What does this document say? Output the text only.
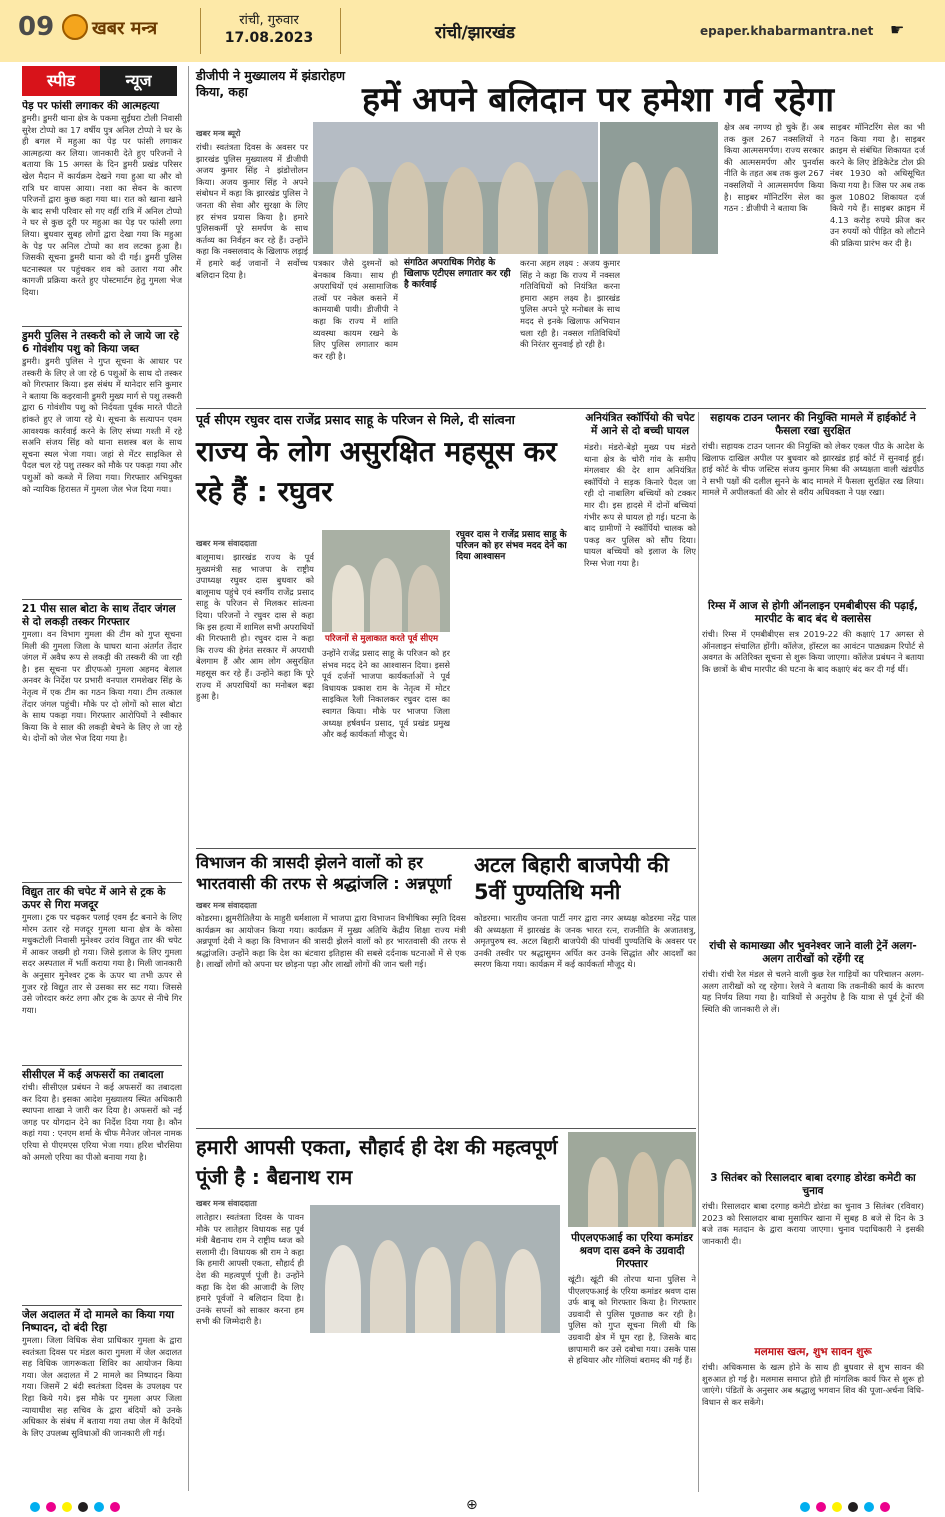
09 खबर मन्त्र	रांची, गुरुवार
17.08.2023	रांची/झारखंड	epaper.khabarmantra.net ☛
स्पीड	न्यूज
पेड़ पर फांसी लगाकर की आत्महत्या
डुमरी। डुमरी थाना क्षेत्र के पकमा सुईंघरा टोली निवासी सुरेश टोप्पो का 17 वर्षीय पुत्र अनिल टोप्पो ने घर के ही बगल में महुआ का पेड़ पर फांसी लगाकर आत्महत्या कर लिया। जानकारी देते हुए परिजनों ने बताया कि 15 अगस्त के दिन डुमरी प्रखंड परिसर खेल मैदान में कार्यक्रम देखने गया हुआ था और वो रात्रि घर वापस आया। नशा का सेवन के कारण परिजनों द्वारा कुछ कहा गया था। रात को खाना खाने के बाद सभी परिवार सो गए वहीं रात्रि में अनिल टोप्पो ने घर से कुछ दूरी पर महुआ का पेड़ पर फांसी लगा लिया। बुधवार सुबह लोगों द्वारा देखा गया कि महुआ के पेड़ पर अनिल टोप्पो का शव लटका हुआ है। जिसकी सूचना डुमरी थाना को दी गई। डुमरी पुलिस घटनास्थल पर पहुंचकर शव को उतारा गया और कागजी प्रक्रिया करते हुए पोस्टमार्टम हेतु गुमला भेज दिया।
डुमरी पुलिस ने तस्करी को ले जाये जा रहे 6 गोवंशीय पशु को किया जब्त
डुमरी। डुमरी पुलिस ने गुप्त सूचना के आधार पर तस्करी के लिए ले जा रहे 6 पशुओं के साथ दो तस्कर को गिरफ्तार किया। इस संबंध में थानेदार सनि कुमार ने बताया कि कइरवानी डुमरी मुख्य मार्ग से पशु तस्करी द्वारा 6 गोवंशीय पशु को निर्दयता पूर्वक मारते पीटते हांकते हुए ले जाया रहे थे। सूचना के सत्यापन एवम आवश्यक कार्रवाई करने के लिए संध्या गश्ती में रहे सअनि संजय सिंह को थाना सशस्त्र बल के साथ सूचना स्थल भेजा गया। जहां से मेंटर साइकिल से पैदल चल रहे पशु तस्कर को मौके पर पकड़ा गया और पशुओं को कब्जे में लिया गया। गिरफ्तार अभियुक्त को न्यायिक हिरासत में गुमला जेल भेज दिया गया।
21 पीस साल बोटा के साथ तेंदार जंगल से दो लकड़ी तस्कर गिरफ्तार
गुमला। वन विभाग गुमला की टीम को गुप्त सूचना मिली की गुमला जिला के घाघरा थाना अंतर्गत तेंदार जंगल में अवैध रूप से लकड़ी की तस्करी की जा रही है। इस सूचना पर डीएफओ गुमला अहमद बेलाल अनवर के निर्देश पर प्रभारी वनपाल रामशेखर सिंह के नेतृत्व में एक टीम का गठन किया गया। टीम तत्काल तेंदार जंगल पहुंची। मौके पर दो लोगों को साल बोटा के साथ पकड़ा गया। गिरफ्तार आरोपियों ने स्वीकार किया कि वे साल की लकड़ी बेचने के लिए ले जा रहे थे। दोनों को जेल भेज दिया गया है।
विद्युत तार की चपेट में आने से ट्रक के ऊपर से गिरा मजदूर
गुमला। ट्रक पर चढ़कर पलाई एवम ईंट बनाने के लिए मोरम उतार रहे मजदूर गुमला थाना क्षेत्र के कोसा मधुकटोली निवासी मुनेश्वर उरांव विद्युत तार की चपेट में आकर जख्मी हो गया। जिसे इलाज के लिए गुमला सदर अस्पताल में भर्ती कराया गया है। मिली जानकारी के अनुसार मुनेश्वर ट्रक के ऊपर था तभी ऊपर से गुजर रहे विद्युत तार से उसका सर सट गया। जिससे उसे जोरदार करंट लगा और ट्रक के ऊपर से नीचे गिर गया।
सीसीएल में कई अफसरों का तबादला
रांची। सीसीएल प्रबंधन ने कई अफसरों का तबादला कर दिया है। इसका आदेश मुख्यालय स्थित अधिकारी स्थापना शाखा ने जारी कर दिया है। अफसरों को नई जगह पर योगदान देने का निर्देश दिया गया है। कौन कहां गया : एनएम शर्मा के चीफ मैनेजर जोनल नामक एरिया से पीएमएस एरिया भेजा गया। हरिश चौरसिया को अमलो एरिया का पीओ बनाया गया है।
जेल अदालत में दो मामले का किया गया निष्पादन, दो बंदी रिहा
गुमला। जिला विधिक सेवा प्राधिकार गुमला के द्वारा स्वतंत्रता दिवस पर मंडल कारा गुमला में जेल अदालत सह विधिक जागरूकता शिविर का आयोजन किया गया। जेल अदालत में 2 मामले का निष्पादन किया गया। जिसमें 2 बंदी स्वतंत्रता दिवस के उपलक्ष्य पर रिहा किये गये। इस मौके पर गुमला अपर जिला न्यायाधीश सह सचिव के द्वारा बंदियों को उनके अधिकार के संबंध में बताया गया तथा जेल में कैदियों के लिए उपलब्ध सुविधाओं की जानकारी ली गई।
डीजीपी ने मुख्यालय में झंडारोहण किया, कहा	हमें अपने बलिदान पर हमेशा गर्व रहेगा
खबर मन्त्र ब्यूरो
रांची। स्वतंत्रता दिवस के अवसर पर झारखंड पुलिस मुख्यालय में डीजीपी अजय कुमार सिंह ने झंडोत्तोलन किया। अजय कुमार सिंह ने अपने संबोधन में कहा कि झारखंड पुलिस ने जनता की सेवा और सुरक्षा के लिए हर संभव प्रयास किया है। हमारे पुलिसकर्मी पूरे समर्पण के साथ कर्तव्य का निर्वहन कर रहे हैं। उन्होंने कहा कि नक्सलवाद के खिलाफ लड़ाई में हमारे कई जवानों ने सर्वोच्च बलिदान दिया है।
पत्रकार जैसे दुश्मनों को बेनकाब किया। साथ ही अपराधियों एवं असामाजिक तत्वों पर नकेल कसने में कामयाबी पायी। डीजीपी ने कहा कि राज्य में शांति व्यवस्था कायम रखने के लिए पुलिस लगातार काम कर रही है।
संगठित अपराधिक गिरोह के खिलाफ एटीएस लगातार कर रही है कार्रवाई
करना अहम लक्ष्य : अजय कुमार सिंह ने कहा कि राज्य में नक्सल गतिविधियों को नियंत्रित करना हमारा अहम लक्ष्य है। झारखंड पुलिस अपने पूरे मनोबल के साथ मदद से इनके खिलाफ अभियान चला रही है। नक्सल गतिविधियों की निरंतर सुनवाई हो रही है।
क्षेत्र अब नगण्य हो चुके हैं। अब तक कुल 267 नक्सलियों ने किया आत्मसमर्पण। राज्य सरकार की आत्मसमर्पण और पुनर्वास नीति के तहत अब तक कुल 267 नक्सलियों ने आत्मसमर्पण किया है। साइबर मॉनिटरिंग सेल का गठन : डीजीपी ने बताया कि
साइबर मॉनिटरिंग सेल का भी गठन किया गया है। साइबर क्राइम से संबंधित शिकायत दर्ज करने के लिए डेडिकेटेड टोल फ्री नंबर 1930 को अधिसूचित किया गया है। जिस पर अब तक कुल 10802 शिकायत दर्ज किये गये हैं। साइबर क्राइम में 4.13 करोड़ रुपये फ्रीज कर उन रुपयों को पीड़ित को लौटाने की प्रक्रिया प्रारंभ कर दी है।
पूर्व सीएम रघुवर दास राजेंद्र प्रसाद साहू के परिजन से मिले, दी सांत्वना
राज्य के लोग असुरक्षित महसूस कर रहे हैं : रघुवर
खबर मन्त्र संवाददाता
बालूमाथ। झारखंड राज्य के पूर्व मुख्यमंत्री सह भाजपा के राष्ट्रीय उपाध्यक्ष रघुवर दास बुधवार को बालूमाथ पहुंचे एवं स्वर्गीय राजेंद्र प्रसाद साहू के परिजन से मिलकर सांत्वना दिया। परिजनों ने रघुवर दास से कहा कि इस हत्या में शामिल सभी अपराधियों की गिरफ्तारी हो। रघुवर दास ने कहा कि राज्य की हेमंत सरकार में अपराधी बेलगाम हैं और आम लोग असुरक्षित महसूस कर रहे हैं। उन्होंने कहा कि पूरे राज्य में अपराधियों का मनोबल बढ़ा हुआ है।
परिजनों से मुलाकात करते पूर्व सीएम
उन्होंने राजेंद्र प्रसाद साहू के परिजन को हर संभव मदद देने का आश्वासन दिया। इससे पूर्व दर्जनों भाजपा कार्यकर्ताओं ने पूर्व विधायक प्रकाश राम के नेतृत्व में मोटर साइकिल रैली निकालकर रघुवर दास का स्वागत किया। मौके पर भाजपा जिला अध्यक्ष हर्षवर्धन प्रसाद, पूर्व प्रखंड प्रमुख और कई कार्यकर्ता मौजूद थे।
रघुवर दास ने राजेंद्र प्रसाद साहू के परिजन को हर संभव मदद देने का दिया आश्वासन
अनियंत्रित स्कॉर्पियो की चपेट में आने से दो बच्ची घायल
मंडरो। मंडरो-बेड़ो मुख्य पथ मंडरो थाना क्षेत्र के चोरी गांव के समीप मंगलवार की देर शाम अनियंत्रित स्कॉर्पियो ने सड़क किनारे पैदल जा रही दो नाबालिग बच्चियों को टक्कर मार दी। इस हादसे में दोनों बच्चियां गंभीर रूप से घायल हो गई। घटना के बाद ग्रामीणों ने स्कॉर्पियो चालक को पकड़ कर पुलिस को सौंप दिया। घायल बच्चियों को इलाज के लिए रिम्स भेजा गया है।
सहायक टाउन प्लानर की नियुक्ति मामले में हाईकोर्ट ने फैसला रखा सुरक्षित
रांची। सहायक टाउन प्लानर की नियुक्ति को लेकर एकल पीठ के आदेश के खिलाफ दाखिल अपील पर बुधवार को झारखंड हाई कोर्ट में सुनवाई हुई। हाई कोर्ट के चीफ जस्टिस संजय कुमार मिश्रा की अध्यक्षता वाली खंडपीठ ने सभी पक्षों की दलील सुनने के बाद मामले में फैसला सुरक्षित रख लिया। मामले में अपीलकर्ता की ओर से वरीय अधिवक्ता ने पक्ष रखा।
रिम्स में आज से होगी ऑनलाइन एमबीबीएस की पढ़ाई, मारपीट के बाद बंद थे क्लासेस
रांची। रिम्स में एमबीबीएस सत्र 2019-22 की कक्षाएं 17 अगस्त से ऑनलाइन संचालित होंगी। कॉलेज, हॉस्टल का आवंटन पाठ्यक्रम रिपोर्ट से अवगत के अतिरिक्त सूचना से शुरू किया जाएगा। कॉलेज प्रबंधन ने बताया कि छात्रों के बीच मारपीट की घटना के बाद कक्षाएं बंद कर दी गई थीं।
विभाजन की त्रासदी झेलने वालों को हर भारतवासी की तरफ से श्रद्धांजलि : अन्नपूर्णा
खबर मन्त्र संवाददाता
कोडरमा। झुमरीतिलैया के माहुरी धर्मशाला में भाजपा द्वारा विभाजन विभीषिका स्मृति दिवस कार्यक्रम का आयोजन किया गया। कार्यक्रम में मुख्य अतिथि केंद्रीय शिक्षा राज्य मंत्री अन्नपूर्णा देवी ने कहा कि विभाजन की त्रासदी झेलने वालों को हर भारतवासी की तरफ से श्रद्धांजलि। उन्होंने कहा कि देश का बंटवारा इतिहास की सबसे दर्दनाक घटनाओं में से एक है। लाखों लोगों को अपना घर छोड़ना पड़ा और लाखों लोगों की जान चली गई।
अटल बिहारी बाजपेयी की 5वीं पुण्यतिथि मनी
कोडरमा। भारतीय जनता पार्टी नगर द्वारा नगर अध्यक्ष कोडरमा नरेंद्र पाल की अध्यक्षता में झारखंड के जनक भारत रत्न, राजनीति के अजातशत्रु, अमृतपुरुष स्व. अटल बिहारी बाजपेयी की पांचवीं पुण्यतिथि के अवसर पर उनकी तस्वीर पर श्रद्धासुमन अर्पित कर उनके सिद्धांत और आदर्शों का स्मरण किया गया। कार्यक्रम में कई कार्यकर्ता मौजूद थे।
रांची से कामाख्या और भुवनेश्वर जाने वाली ट्रेनें अलग-अलग तारीखों को रहेंगी रद्द
रांची। रांची रेल मंडल से चलने वाली कुछ रेल गाड़ियों का परिचालन अलग-अलग तारीखों को रद्द रहेगा। रेलवे ने बताया कि तकनीकी कार्य के कारण यह निर्णय लिया गया है। यात्रियों से अनुरोध है कि यात्रा से पूर्व ट्रेनों की स्थिति की जानकारी ले लें।
3 सितंबर को रिसालदार बाबा दरगाह डोरंडा कमेटी का चुनाव
रांची। रिसालदार बाबा दरगाह कमेटी डोरंडा का चुनाव 3 सितंबर (रविवार) 2023 को रिसालदार बाबा मुसाफिर खाना में सुबह 8 बजे से दिन के 3 बजे तक मतदान के द्वारा कराया जाएगा। चुनाव पदाधिकारी ने इसकी जानकारी दी।
मलमास खत्म, शुभ सावन शुरू
रांची। अधिकमास के खत्म होने के साथ ही बुधवार से शुभ सावन की शुरुआत हो गई है। मलमास समाप्त होते ही मांगलिक कार्य फिर से शुरू हो जाएंगे। पंडितों के अनुसार अब श्रद्धालु भगवान शिव की पूजा-अर्चना विधि-विधान से कर सकेंगे।
हमारी आपसी एकता, सौहार्द ही देश की महत्वपूर्ण पूंजी है : बैद्यनाथ राम
खबर मन्त्र संवाददाता
लातेहार। स्वतंत्रता दिवस के पावन मौके पर लातेहार विधायक सह पूर्व मंत्री बैद्यनाथ राम ने राष्ट्रीय ध्वज को सलामी दी। विधायक श्री राम ने कहा कि हमारी आपसी एकता, सौहार्द ही देश की महत्वपूर्ण पूंजी है। उन्होंने कहा कि देश की आजादी के लिए हमारे पूर्वजों ने बलिदान दिया है। उनके सपनों को साकार करना हम सभी की जिम्मेदारी है।
पीएलएफआई का एरिया कमांडर श्रवण दास ढक्ने के उग्रवादी गिरफ्तार
खूंटी। खूंटी की तोरपा थाना पुलिस ने पीएलएफआई के एरिया कमांडर श्रवण दास उर्फ बाबू को गिरफ्तार किया है। गिरफ्तार उग्रवादी से पुलिस पूछताछ कर रही है। पुलिस को गुप्त सूचना मिली थी कि उग्रवादी क्षेत्र में घूम रहा है, जिसके बाद छापामारी कर उसे दबोचा गया। उसके पास से हथियार और गोलियां बरामद की गई हैं।
⊕
